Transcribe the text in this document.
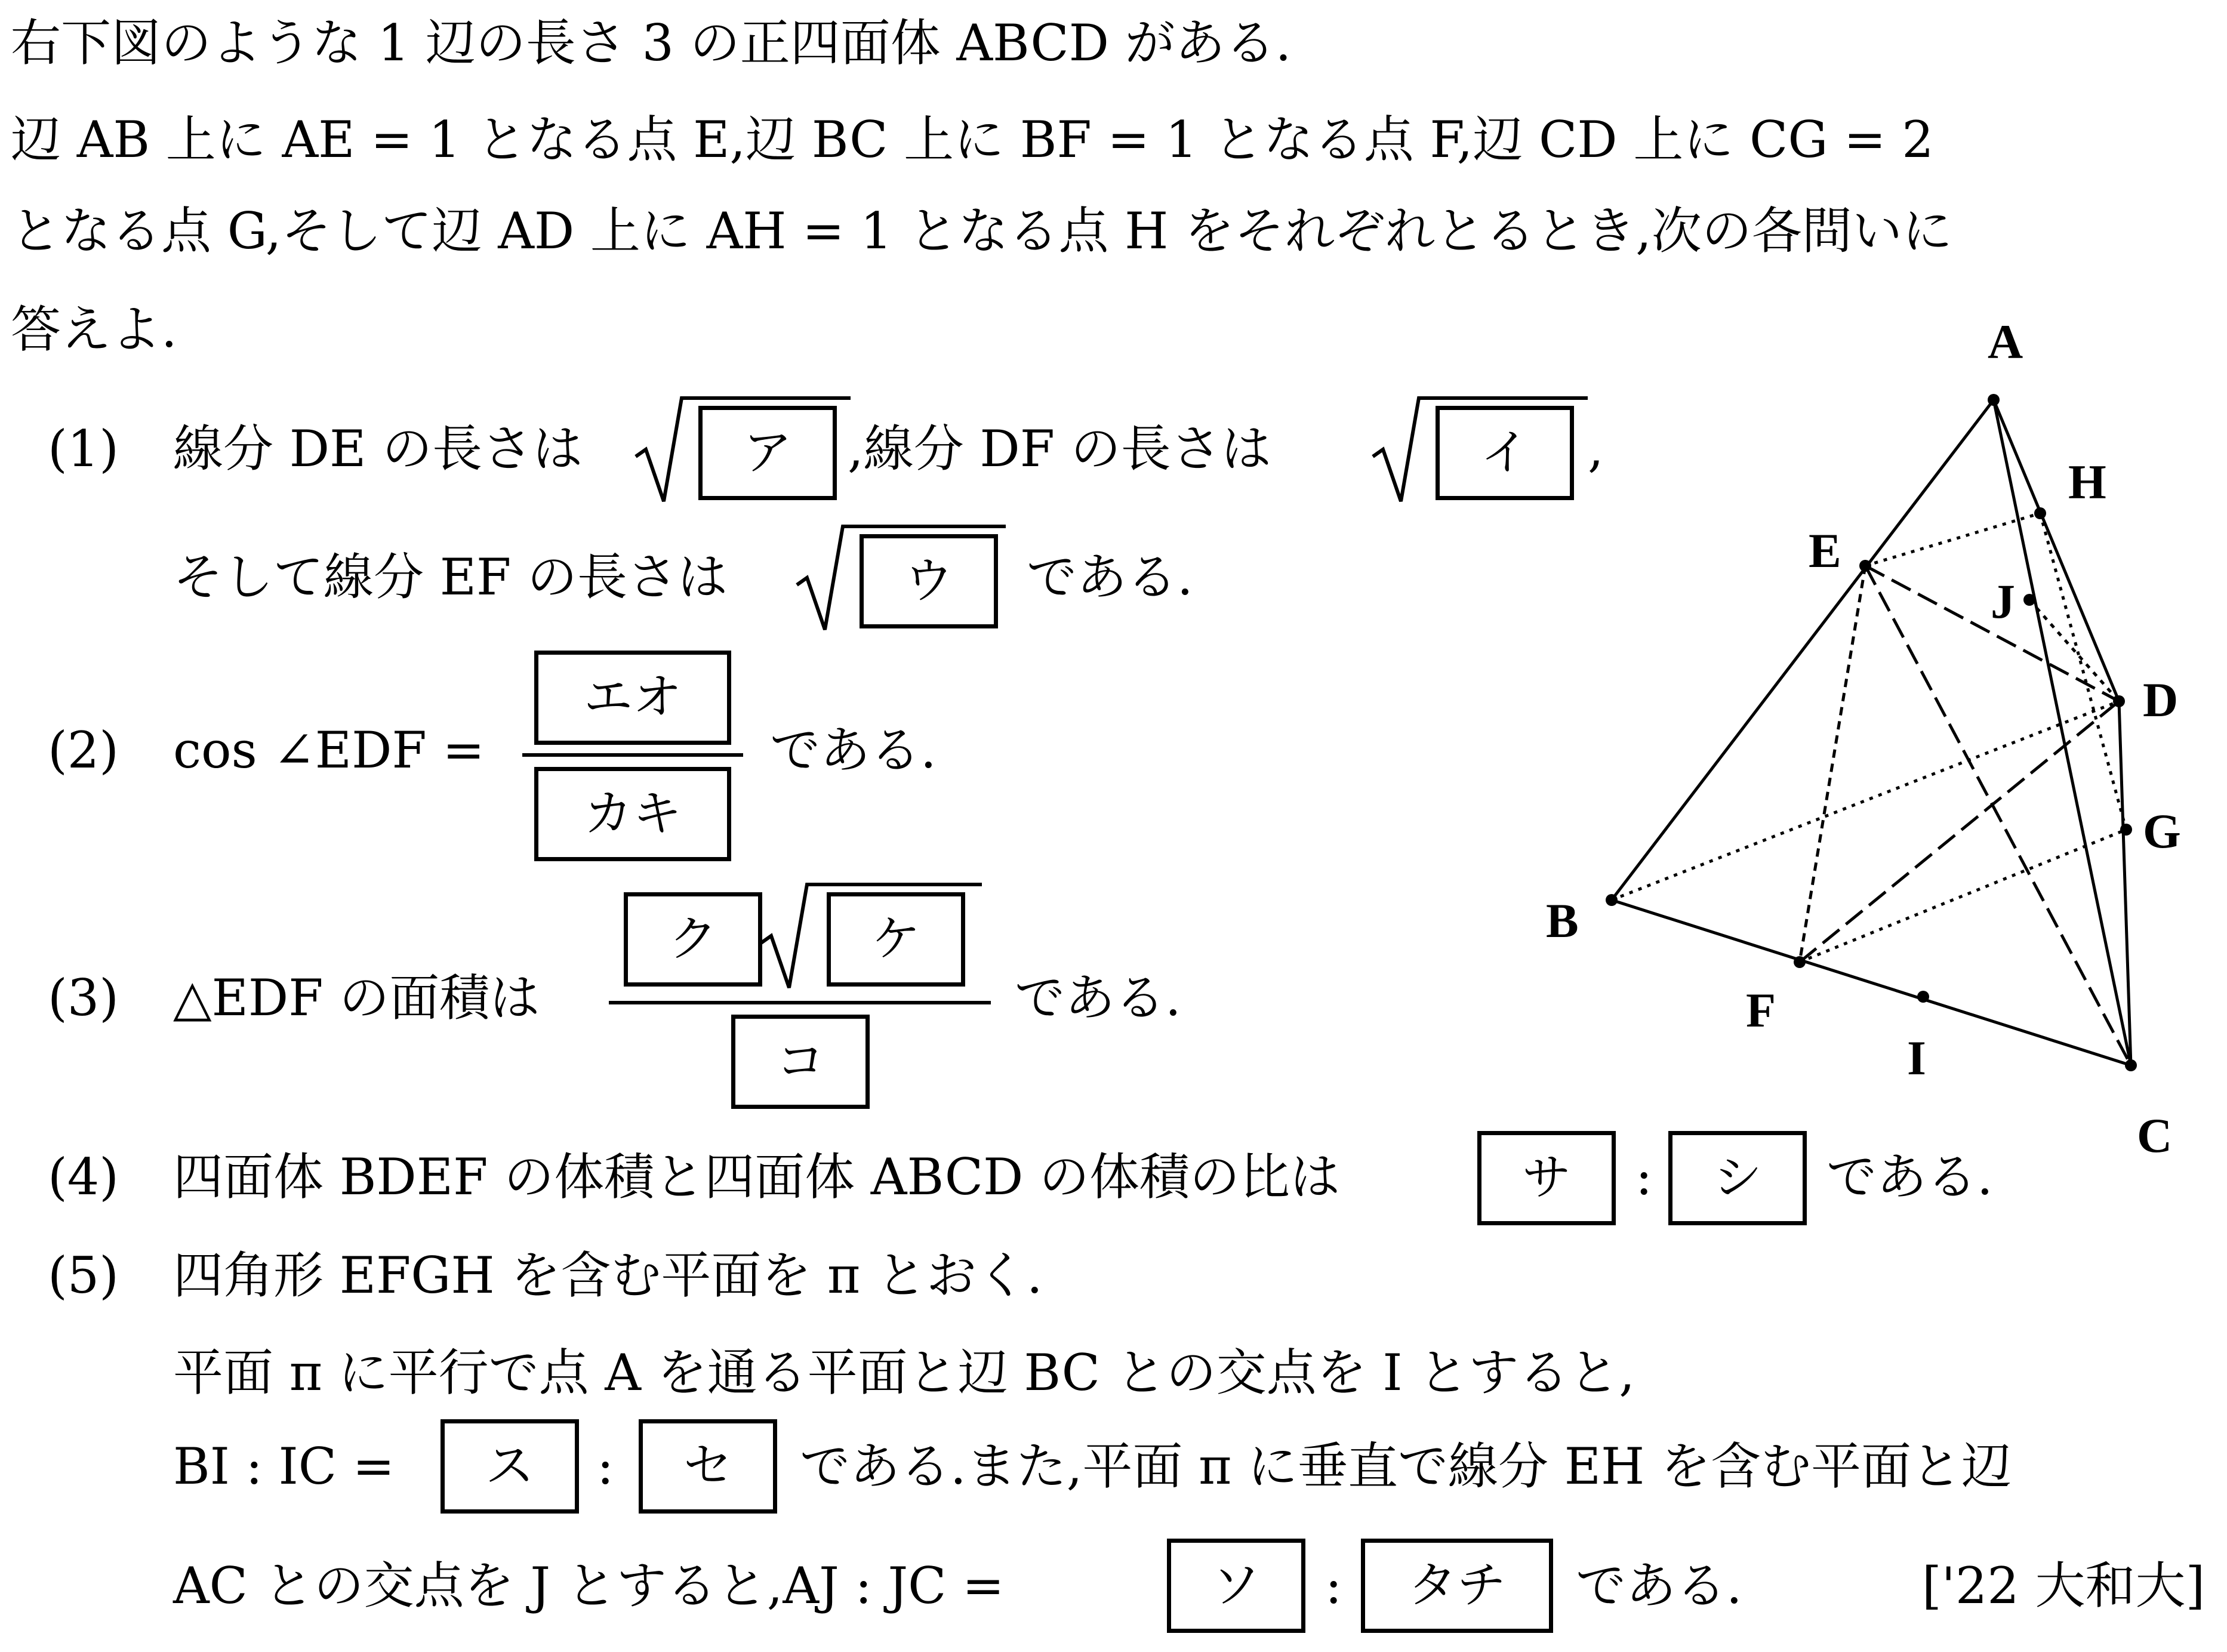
右下図のような 1 辺の長さ 3 の正四面体 ABCD がある.
辺 AB 上に AE = 1 となる点 E,辺 BC 上に BF = 1 となる点 F,辺 CD 上に CG = 2
となる点 G,そして辺 AD 上に AH = 1 となる点 H をそれぞれとるとき,次の各問いに
答えよ.
(1) 線分 DE の長さは	ア	,線分 DF の長さは	イ	,
そして線分 EF の長さは	ウ	である.
(2) cos ∠EDF =
エオ
カキ
である.
(3) △EDF の面積は
ク	ケ
コ
である.
(4) 四面体 BDEF の体積と四面体 ABCD の体積の比は	サ	:	シ	である.
(5) 四角形 EFGH を含む平面を π とおく.
平面 π に平行で点 A を通る平面と辺 BC との交点を I とすると,
BI : IC =	ス	:	セ	である.また,平面 π に垂直で線分 EH を含む平面と辺
AC との交点を J とすると,AJ : JC =	ソ	:	タチ	である.	['22 大和大]
A
B
C
D
E
F
G
H
I
J
